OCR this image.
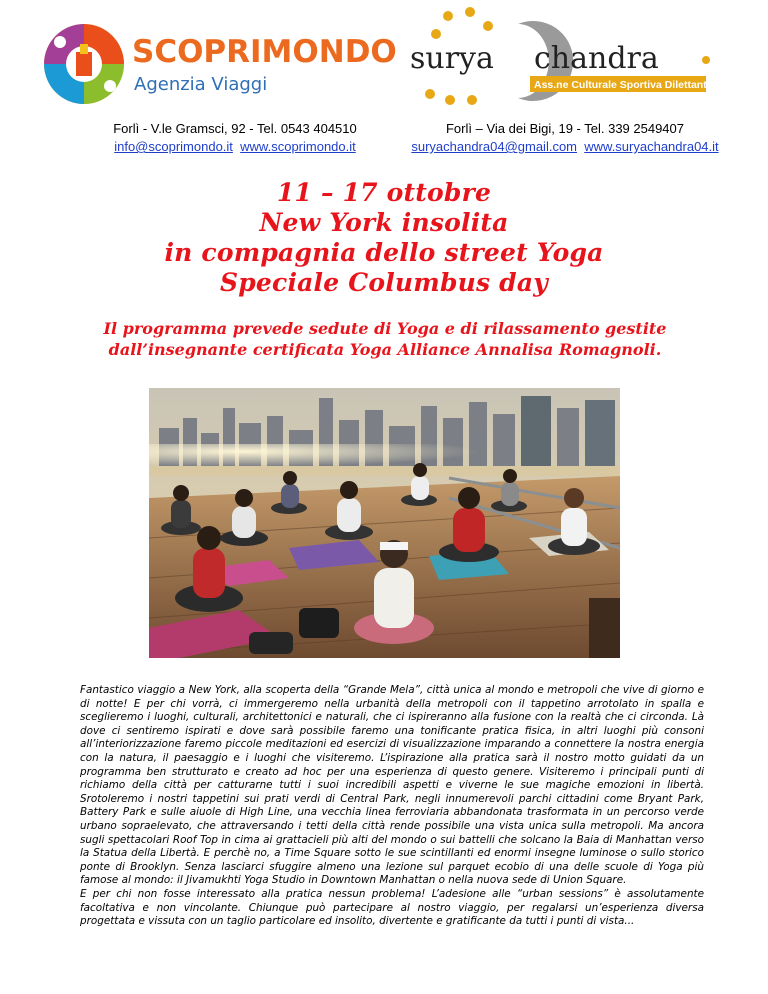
SCOPRIMONDO
Agenzia Viaggi
surya chandra
Ass.ne Culturale Sportiva Dilettantistica
Forlì - V.le Gramsci, 92 - Tel. 0543 404510
info@scoprimondo.it www.scoprimondo.it
Forlì – Via dei Bigi, 19 - Tel. 339 2549407
suryachandra04@gmail.com www.suryachandra04.it
11 – 17 ottobre
New York insolita
in compagnia dello street Yoga
Speciale Columbus day
Il programma prevede sedute di Yoga e di rilassamento gestite
dall’insegnante certificata Yoga Alliance Annalisa Romagnoli.

Fantastico viaggio a New York, alla scoperta della “Grande Mela”, città unica al mondo e metropoli che vive di giorno e di notte! E per chi vorrà, ci immergeremo nella urbanità della metropoli con il tappetino arrotolato in spalla e sceglieremo i luoghi, culturali, architettonici e naturali, che ci ispireranno alla fusione con la realtà che ci circonda. Là dove ci sentiremo ispirati e dove sarà possibile faremo una tonificante pratica fisica, in altri luoghi più consoni all’interiorizzazione faremo piccole meditazioni ed esercizi di visualizzazione imparando a connettere la nostra energia con la natura, il paesaggio e i luoghi che visiteremo. L’ispirazione alla pratica sarà il nostro motto guidati da un programma ben strutturato e creato ad hoc per una esperienza di questo genere. Visiteremo i principali punti di richiamo della città per catturarne tutti i suoi incredibili aspetti e viverne le sue magiche emozioni in libertà. Srotoleremo i nostri tappetini sui prati verdi di Central Park, negli innumerevoli parchi cittadini come Bryant Park, Battery Park e sulle aiuole di High Line, una vecchia linea ferroviaria abbandonata trasformata in un percorso verde urbano sopraelevato, che attraversando i tetti della città rende possibile una vista unica sulla metropoli. Ma ancora sugli spettacolari Roof Top in cima ai grattacieli più alti del mondo o sui battelli che solcano la Baia di Manhattan verso la Statua della Libertà. E perchè no, a Time Square sotto le sue scintillanti ed enormi insegne luminose o sullo storico ponte di Brooklyn. Senza lasciarci sfuggire almeno una lezione sul parquet ecobio di una delle scuole di Yoga più famose al mondo: il Jivamukhti Yoga Studio in Downtown Manhattan o nella nuova sede di Union Square.

E per chi non fosse interessato alla pratica nessun problema! L’adesione alle “urban sessions” è assolutamente facoltativa e non vincolante. Chiunque può partecipare al nostro viaggio, per regalarsi un’esperienza diversa progettata e vissuta con un taglio particolare ed insolito, divertente e gratificante da tutti i punti di vista...
